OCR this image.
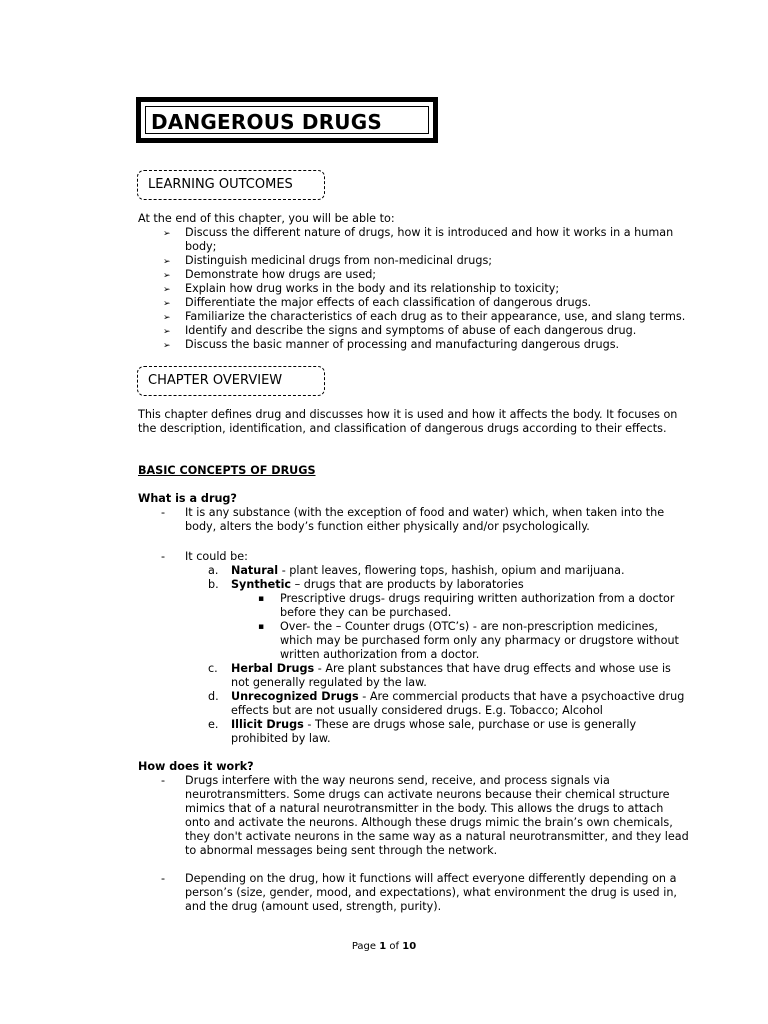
DANGEROUS DRUGS
LEARNING OUTCOMES
At the end of this chapter, you will be able to:
➢ Discuss the different nature of drugs, how it is introduced and how it works in a human
body;
➢ Distinguish medicinal drugs from non-medicinal drugs;
➢ Demonstrate how drugs are used;
➢ Explain how drug works in the body and its relationship to toxicity;
➢ Differentiate the major effects of each classification of dangerous drugs.
➢ Familiarize the characteristics of each drug as to their appearance, use, and slang terms.
➢ Identify and describe the signs and symptoms of abuse of each dangerous drug.
➢ Discuss the basic manner of processing and manufacturing dangerous drugs.
CHAPTER OVERVIEW
This chapter defines drug and discusses how it is used and how it affects the body. It focuses on
the description, identification, and classification of dangerous drugs according to their effects.
BASIC CONCEPTS OF DRUGS
What is a drug?
- It is any substance (with the exception of food and water) which, when taken into the
body, alters the body’s function either physically and/or psychologically.
- It could be:
a. Natural - plant leaves, flowering tops, hashish, opium and marijuana.
b. Synthetic – drugs that are products by laboratories
▪ Prescriptive drugs- drugs requiring written authorization from a doctor
before they can be purchased.
▪ Over- the – Counter drugs (OTC’s) - are non-prescription medicines,
which may be purchased form only any pharmacy or drugstore without
written authorization from a doctor.
c. Herbal Drugs - Are plant substances that have drug effects and whose use is
not generally regulated by the law.
d. Unrecognized Drugs - Are commercial products that have a psychoactive drug
effects but are not usually considered drugs. E.g. Tobacco; Alcohol
e. Illicit Drugs - These are drugs whose sale, purchase or use is generally
prohibited by law.
How does it work?
- Drugs interfere with the way neurons send, receive, and process signals via
neurotransmitters. Some drugs can activate neurons because their chemical structure
mimics that of a natural neurotransmitter in the body. This allows the drugs to attach
onto and activate the neurons. Although these drugs mimic the brain’s own chemicals,
they don't activate neurons in the same way as a natural neurotransmitter, and they lead
to abnormal messages being sent through the network.
- Depending on the drug, how it functions will affect everyone differently depending on a
person’s (size, gender, mood, and expectations), what environment the drug is used in,
and the drug (amount used, strength, purity).
Page 1 of 10
